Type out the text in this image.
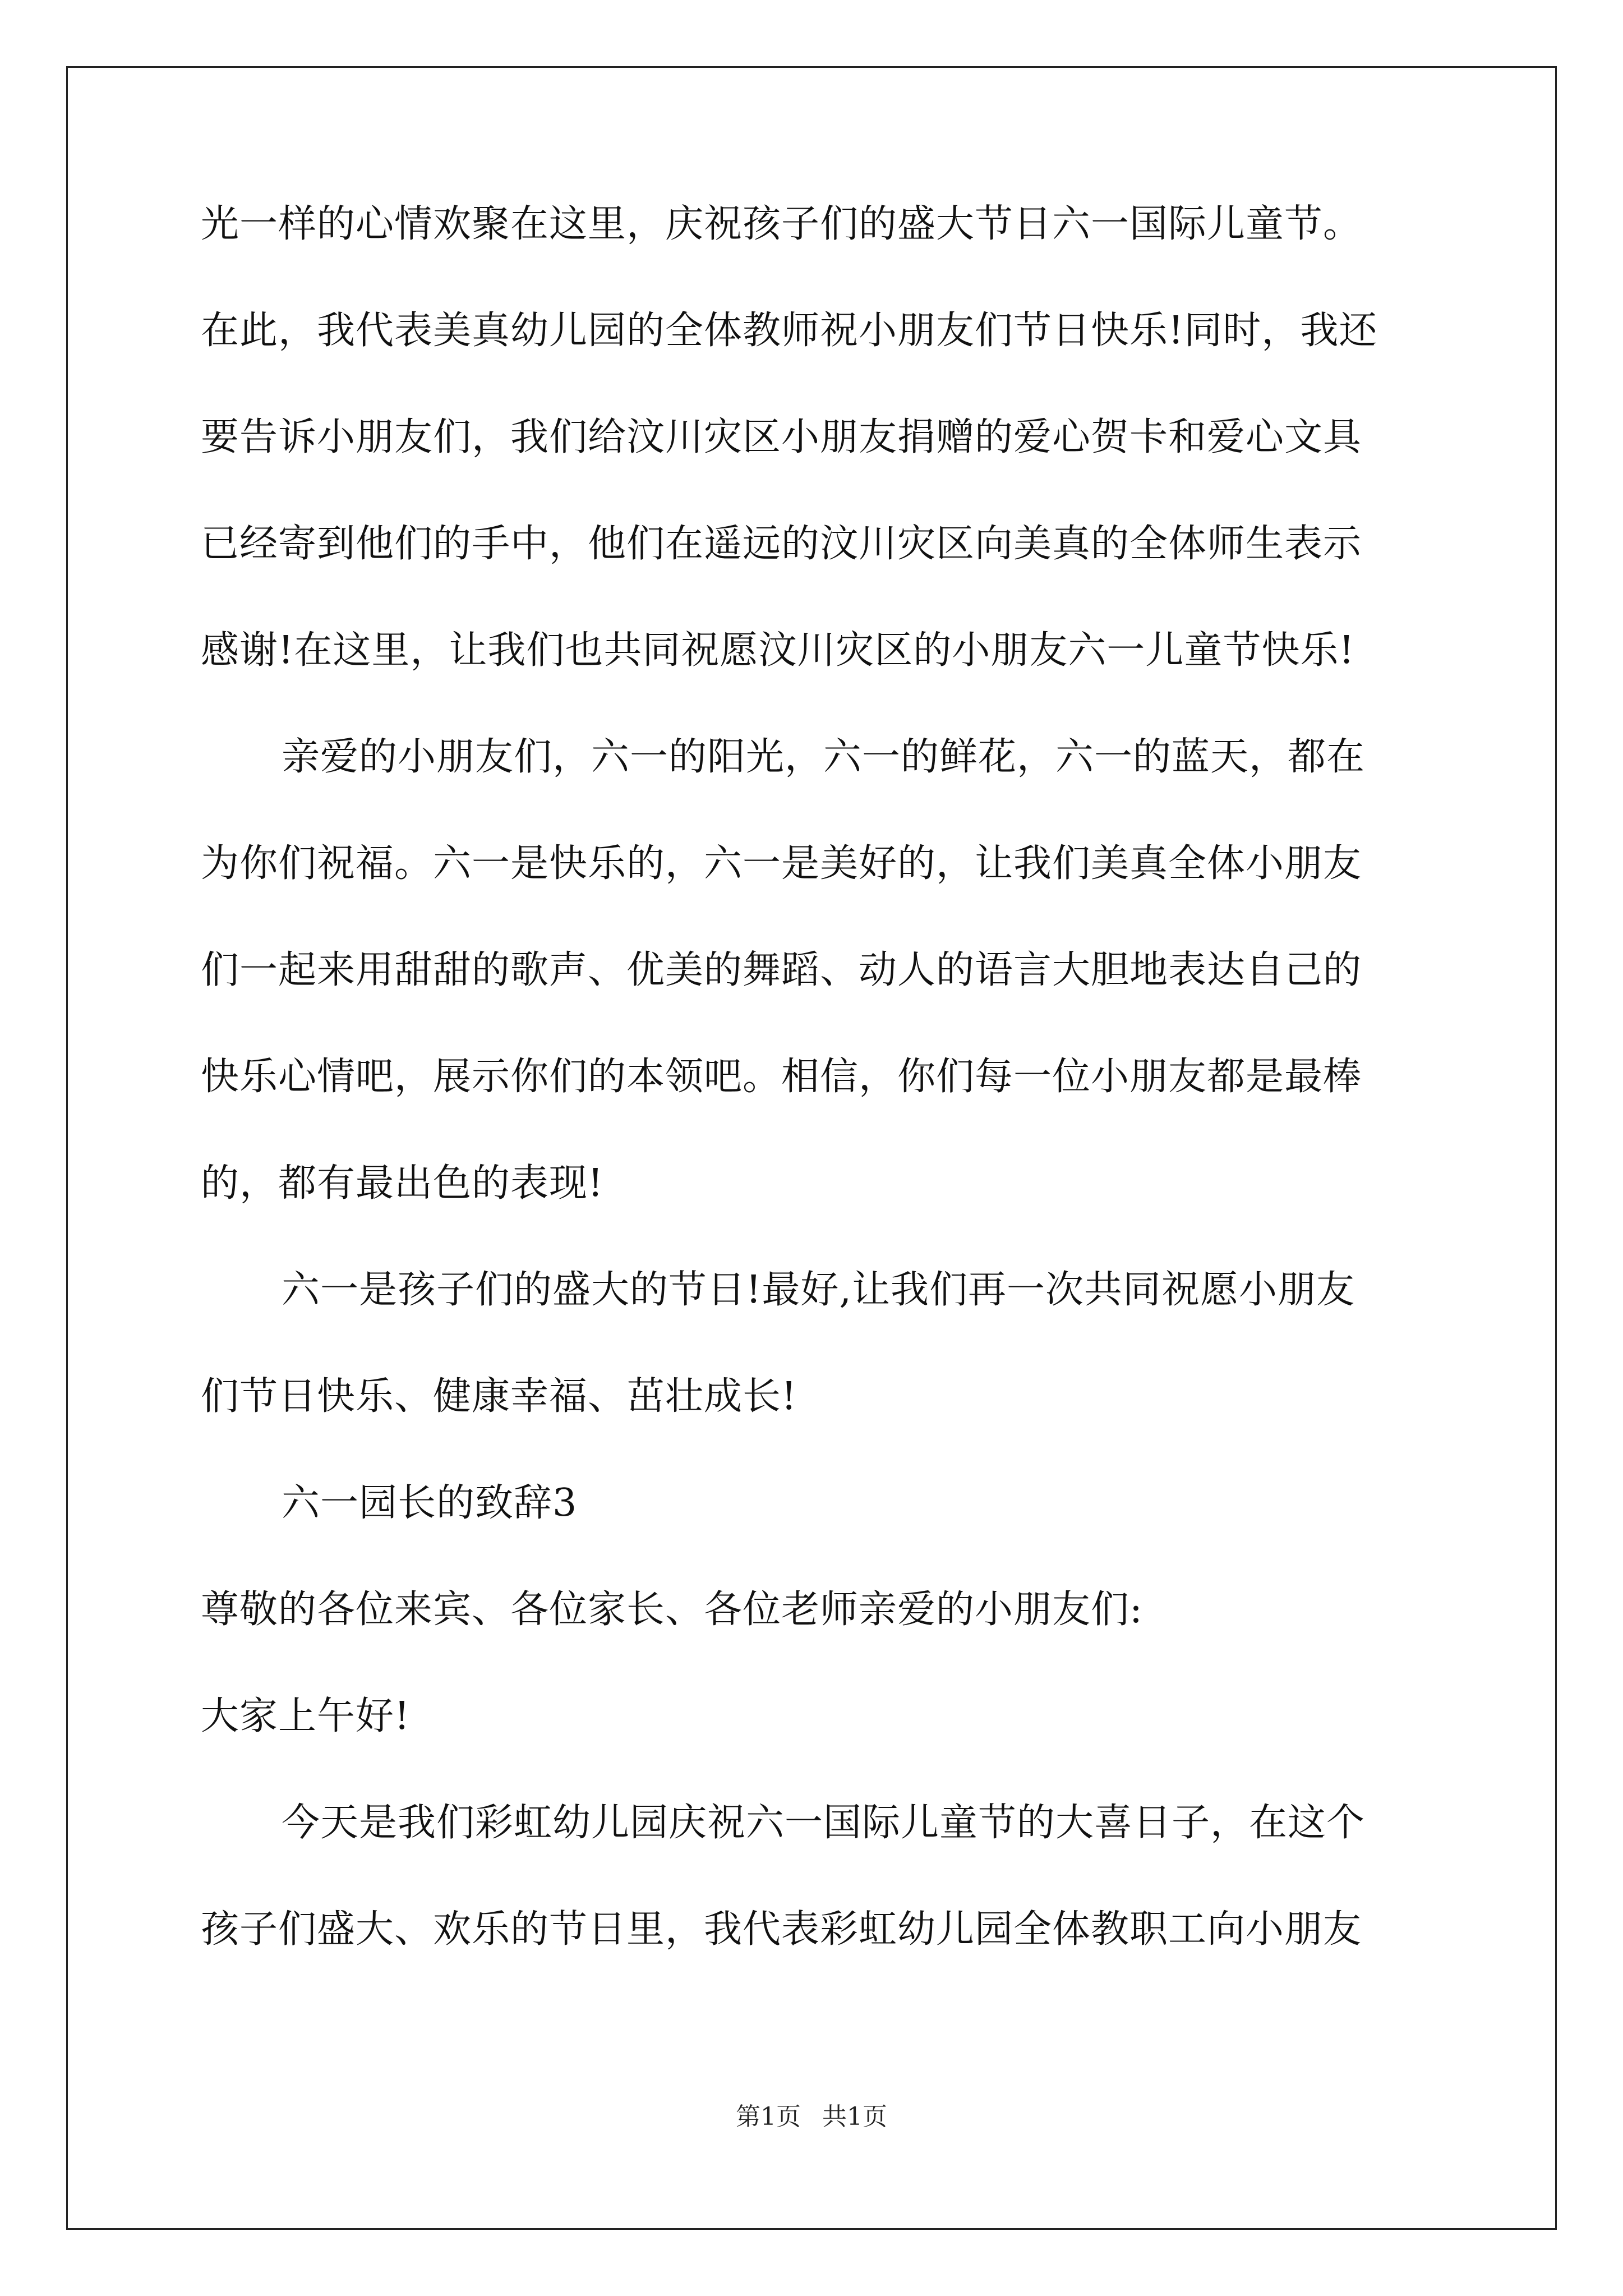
光一样的心情欢聚在这里，庆祝孩子们的盛大节日六一国际儿童节。
在此，我代表美真幼儿园的全体教师祝小朋友们节日快乐!同时，我还
要告诉小朋友们，我们给汶川灾区小朋友捐赠的爱心贺卡和爱心文具
已经寄到他们的手中，他们在遥远的汶川灾区向美真的全体师生表示
感谢!在这里，让我们也共同祝愿汶川灾区的小朋友六一儿童节快乐!
亲爱的小朋友们，六一的阳光，六一的鲜花，六一的蓝天，都在
为你们祝福。六一是快乐的，六一是美好的，让我们美真全体小朋友
们一起来用甜甜的歌声、优美的舞蹈、动人的语言大胆地表达自己的
快乐心情吧，展示你们的本领吧。相信，你们每一位小朋友都是最棒
的，都有最出色的表现!
六一是孩子们的盛大的节日!最好,让我们再一次共同祝愿小朋友
们节日快乐、健康幸福、茁壮成长!
六一园长的致辞3
尊敬的各位来宾、各位家长、各位老师亲爱的小朋友们:
大家上午好!
今天是我们彩虹幼儿园庆祝六一国际儿童节的大喜日子，在这个
孩子们盛大、欢乐的节日里，我代表彩虹幼儿园全体教职工向小朋友
第1页 共1页
